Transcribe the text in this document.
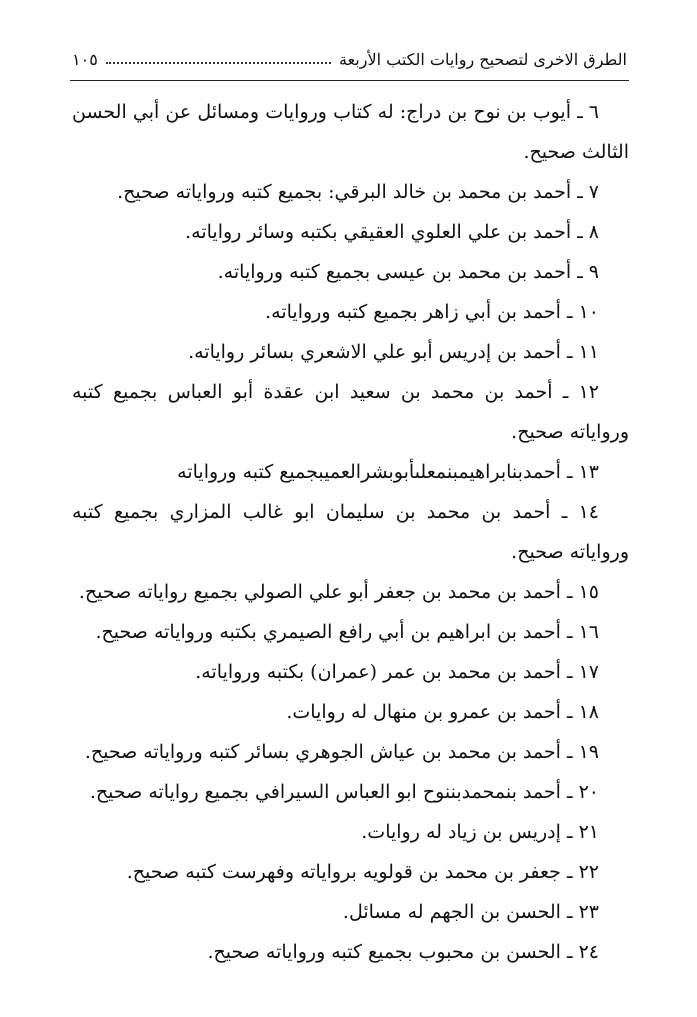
الطرق الاخرى لتصحيح روايات الكتب الأربعة
١٠٥

٦ ـ أيوب بن نوح بن دراج: له كتاب وروايات ومسائل عن أبي الحسن

الثالث صحيح.

٧ ـ أحمد بن محمد بن خالد البرقي: بجميع كتبه ورواياته صحيح.

٨ ـ أحمد بن علي العلوي العقيقي بكتبه وسائر رواياته.

٩ ـ أحمد بن محمد بن عيسى بجميع كتبه ورواياته.

١٠ ـ أحمد بن أبي زاهر بجميع كتبه ورواياته.

١١ ـ أحمد بن إدريس أبو علي الاشعري بسائر رواياته.

١٢ ـ أحمد بن محمد بن سعيد ابن عقدة أبو العباس بجميع كتبه

ورواياته صحيح.

١٣ ـ أحمدبنابراهيمبنمعلىأبوبشرالعميبجميع كتبه ورواياته

١٤ ـ أحمد بن محمد بن سليمان ابو غالب المزاري بجميع كتبه

ورواياته صحيح.

١٥ ـ أحمد بن محمد بن جعفر أبو علي الصولي بجميع رواياته صحيح.

١٦ ـ أحمد بن ابراهيم بن أبي رافع الصيمري بكتبه ورواياته صحيح.

١٧ ـ أحمد بن محمد بن عمر (عمران) بكتبه ورواياته.

١٨ ـ أحمد بن عمرو بن منهال له روايات.

١٩ ـ أحمد بن محمد بن عياش الجوهري بسائر كتبه ورواياته صحيح.

٢٠ ـ أحمد بنمحمدبننوح ابو العباس السيرافي بجميع رواياته صحيح.

٢١ ـ إدريس بن زياد له روايات.

٢٢ ـ جعفر بن محمد بن قولويه برواياته وفهرست كتبه صحيح.

٢٣ ـ الحسن بن الجهم له مسائل.

٢٤ ـ الحسن بن محبوب بجميع كتبه ورواياته صحيح.
